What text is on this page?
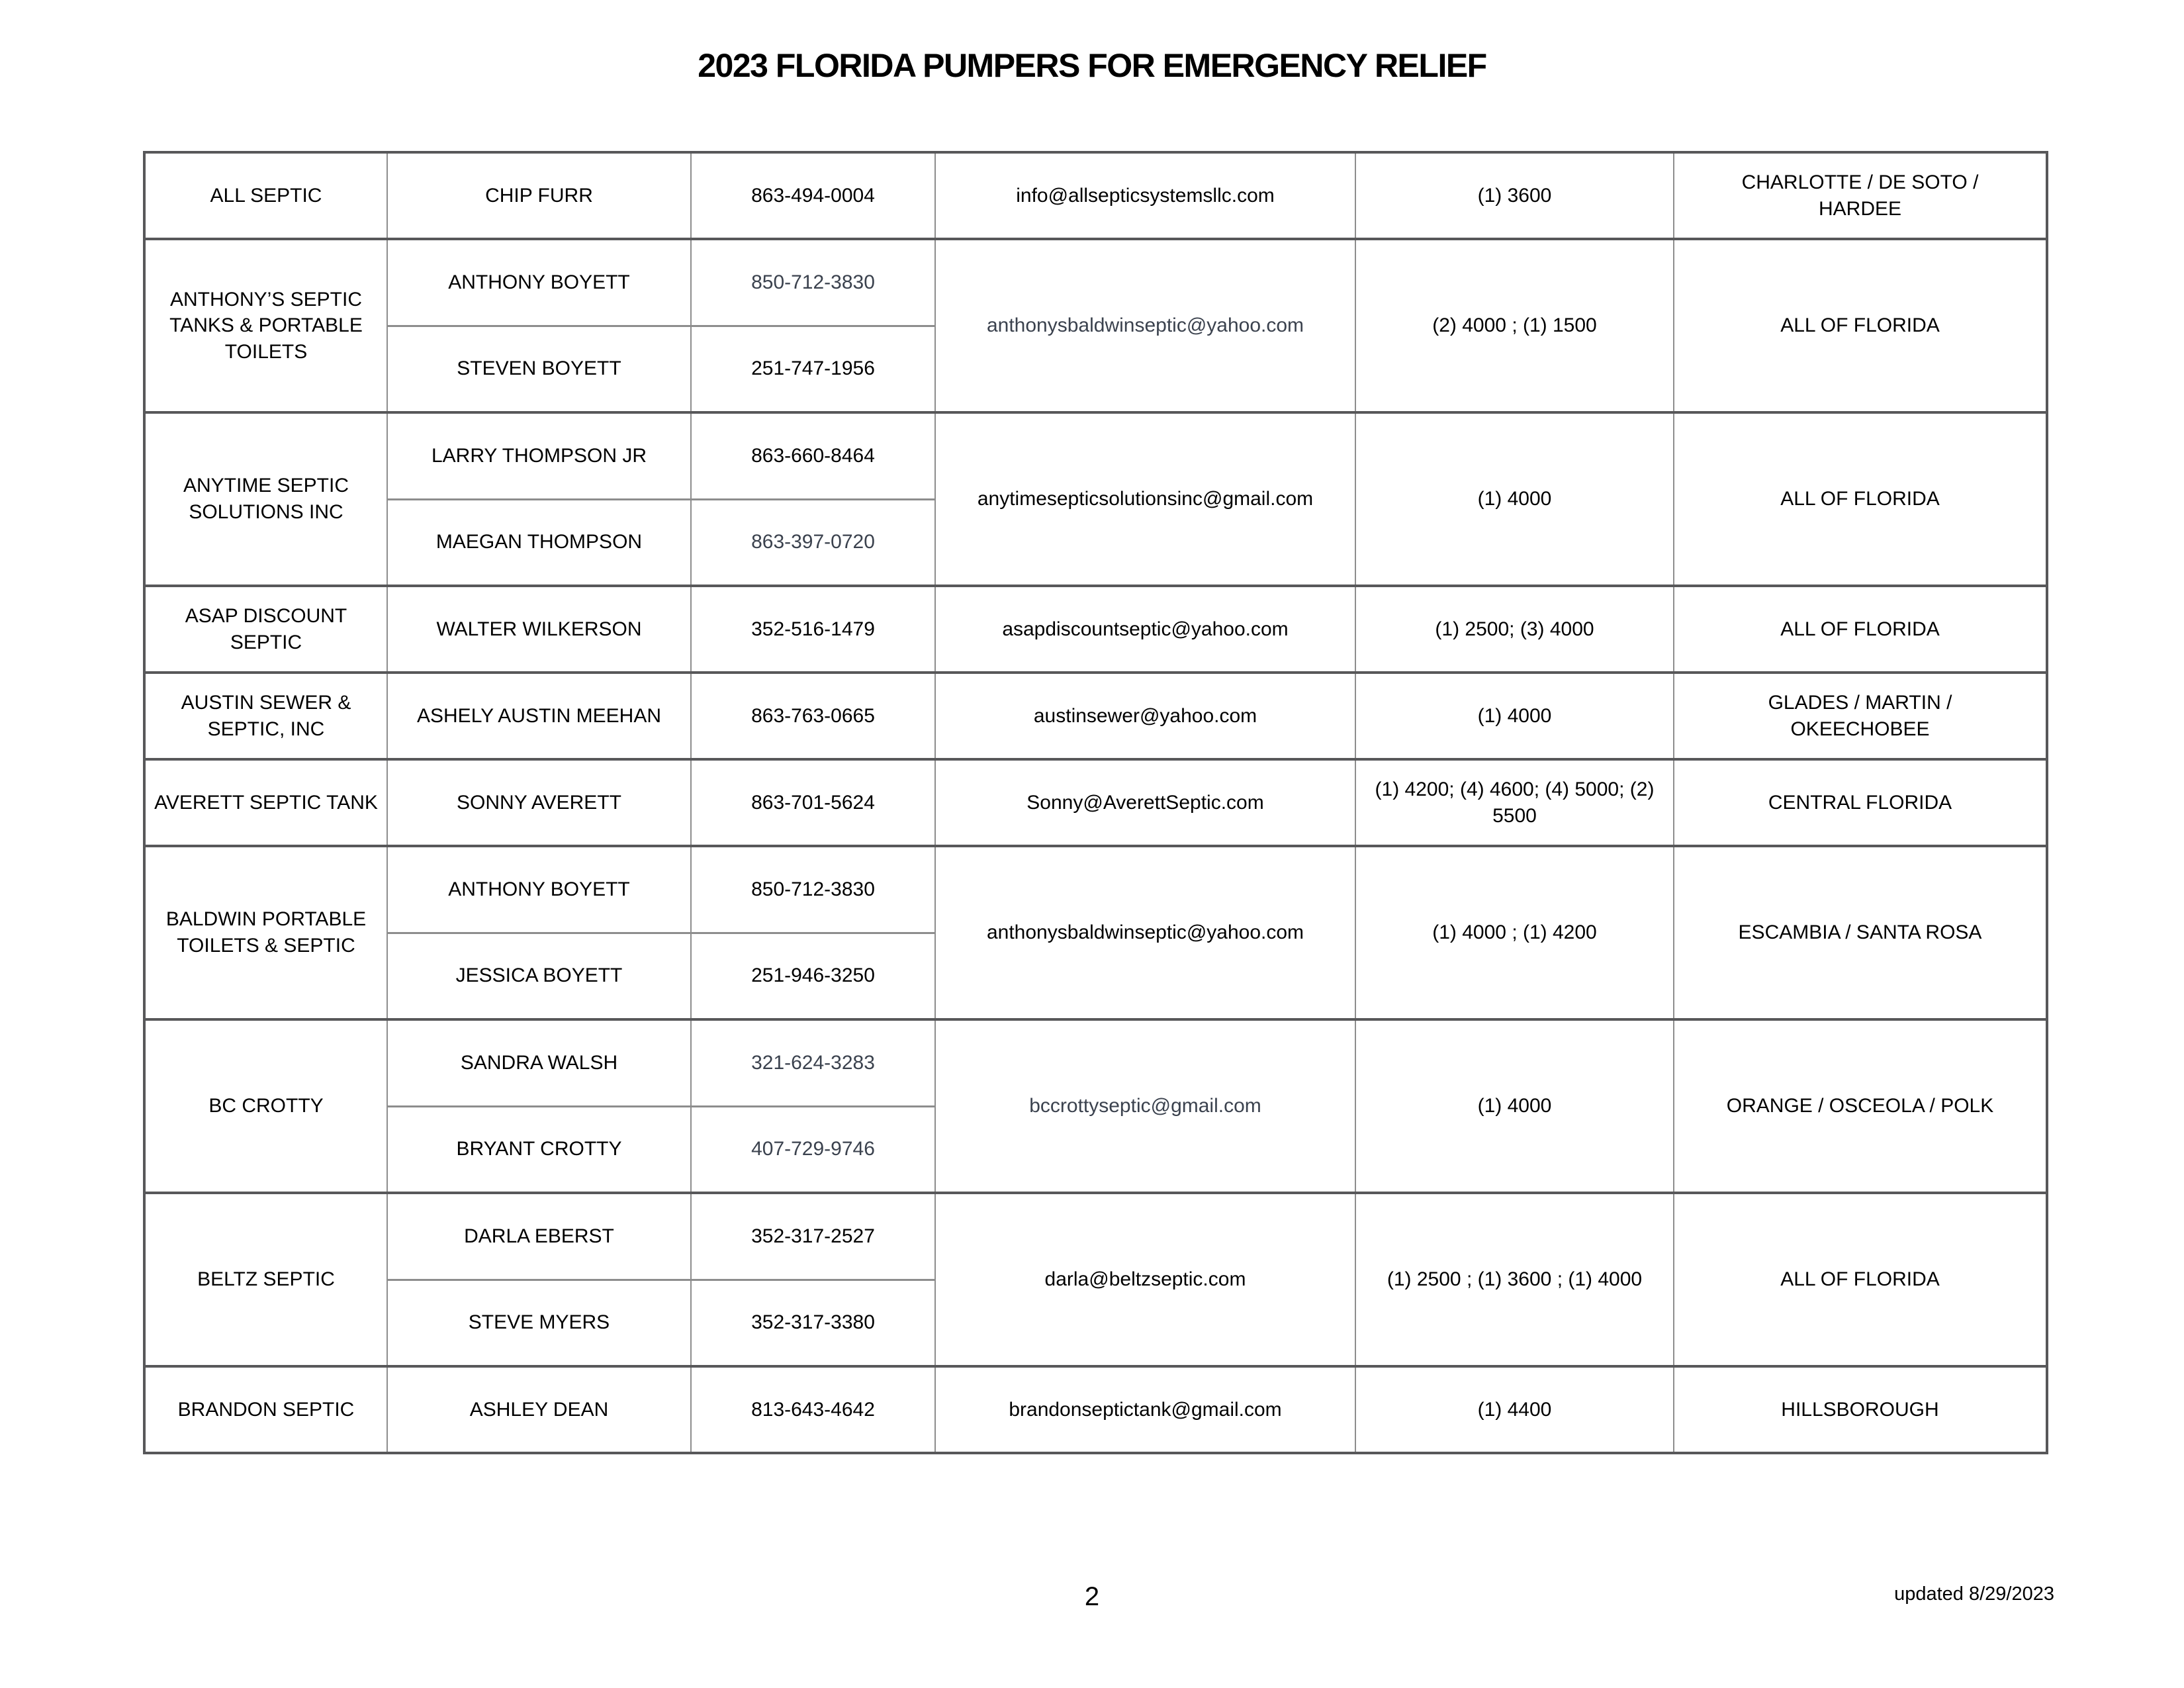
2023 FLORIDA PUMPERS FOR EMERGENCY RELIEF
ALL SEPTIC	CHIP FURR	863-494-0004	info@allsepticsystemsllc.com	(1) 3600	CHARLOTTE / DE SOTO / HARDEE
ANTHONY’S SEPTIC TANKS & PORTABLE TOILETS	ANTHONY BOYETT	850-712-3830	anthonysbaldwinseptic@yahoo.com	(2) 4000 ; (1) 1500	ALL OF FLORIDA
	STEVEN BOYETT	251-747-1956			
ANYTIME SEPTIC SOLUTIONS INC	LARRY THOMPSON JR	863-660-8464	anytimesepticsolutionsinc@gmail.com	(1) 4000	ALL OF FLORIDA
	MAEGAN THOMPSON	863-397-0720			
ASAP DISCOUNT SEPTIC	WALTER WILKERSON	352-516-1479	asapdiscountseptic@yahoo.com	(1) 2500; (3) 4000	ALL OF FLORIDA
AUSTIN SEWER & SEPTIC, INC	ASHELY AUSTIN MEEHAN	863-763-0665	austinsewer@yahoo.com	(1) 4000	GLADES / MARTIN / OKEECHOBEE
AVERETT SEPTIC TANK	SONNY AVERETT	863-701-5624	Sonny@AverettSeptic.com	(1) 4200; (4) 4600; (4) 5000; (2) 5500	CENTRAL FLORIDA
BALDWIN PORTABLE TOILETS & SEPTIC	ANTHONY BOYETT	850-712-3830	anthonysbaldwinseptic@yahoo.com	(1) 4000 ; (1) 4200	ESCAMBIA / SANTA ROSA
	JESSICA BOYETT	251-946-3250			
BC CROTTY	SANDRA WALSH	321-624-3283	bccrottyseptic@gmail.com	(1) 4000	ORANGE / OSCEOLA / POLK
	BRYANT CROTTY	407-729-9746			
BELTZ SEPTIC	DARLA EBERST	352-317-2527	darla@beltzseptic.com	(1) 2500 ; (1) 3600 ; (1) 4000	ALL OF FLORIDA
	STEVE MYERS	352-317-3380			
BRANDON SEPTIC	ASHLEY DEAN	813-643-4642	brandonseptictank@gmail.com	(1) 4400	HILLSBOROUGH
2	updated 8/29/2023
